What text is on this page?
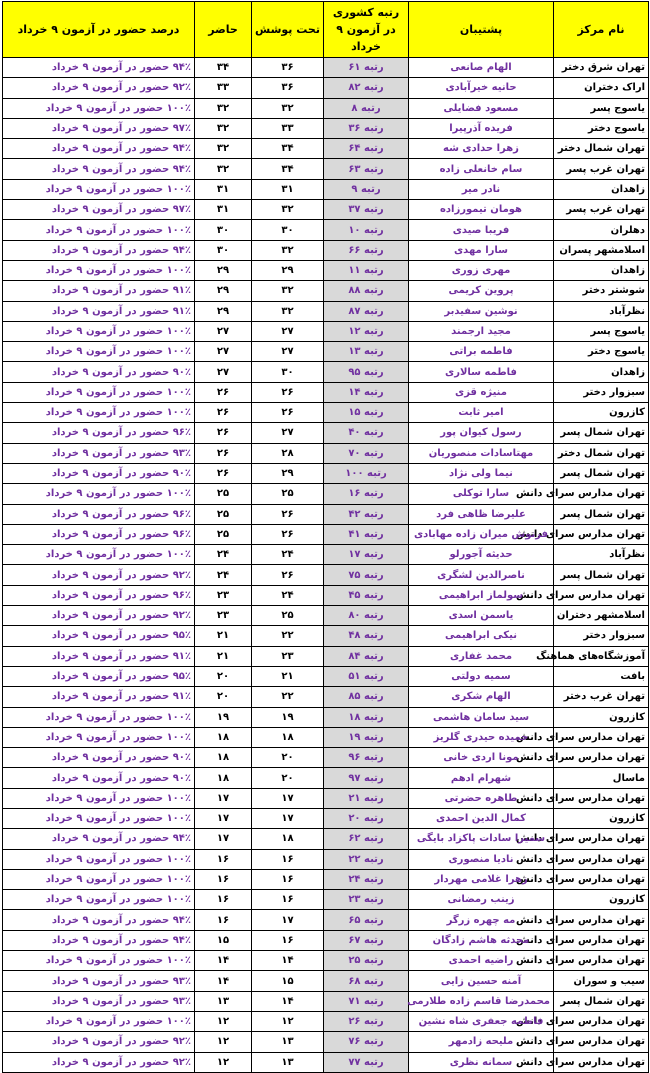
نام مرکز	پشتیبان	رتبه کشوری در آزمون ۹ خرداد	تحت پوشش	حاضر	درصد حضور در آزمون ۹ خرداد
تهران شرق دختر	الهام صانعی	رتبه ۶۱	۳۶	۳۴	۹۴٪ حضور در آزمون ۹ خرداد
اراک دختران	حانیه خیرآبادی	رتبه ۸۲	۳۶	۳۳	۹۲٪ حضور در آزمون ۹ خرداد
یاسوج پسر	مسعود فضایلی	رتبه ۸	۳۲	۳۲	۱۰۰٪ حضور در آزمون ۹ خرداد
یاسوج دختر	فریده آذرپیرا	رتبه ۳۶	۳۳	۳۲	۹۷٪ حضور در آزمون ۹ خرداد
تهران شمال دختر	زهرا حدادی شه	رتبه ۶۴	۳۴	۳۲	۹۴٪ حضور در آزمون ۹ خرداد
تهران غرب پسر	سام خانعلی زاده	رتبه ۶۳	۳۴	۳۲	۹۴٪ حضور در آزمون ۹ خرداد
زاهدان	نادر میر	رتبه ۹	۳۱	۳۱	۱۰۰٪ حضور در آزمون ۹ خرداد
تهران غرب پسر	هومان تیمورزاده	رتبه ۳۷	۳۲	۳۱	۹۷٪ حضور در آزمون ۹ خرداد
دهلران	فریبا صیدی	رتبه ۱۰	۳۰	۳۰	۱۰۰٪ حضور در آزمون ۹ خرداد
اسلامشهر پسران	سارا مهدی	رتبه ۶۶	۳۲	۳۰	۹۴٪ حضور در آزمون ۹ خرداد
زاهدان	مهری زوری	رتبه ۱۱	۲۹	۲۹	۱۰۰٪ حضور در آزمون ۹ خرداد
شوشتر دختر	پروین کریمی	رتبه ۸۸	۳۲	۲۹	۹۱٪ حضور در آزمون ۹ خرداد
نظرآباد	نوشین سفیدبر	رتبه ۸۷	۳۲	۲۹	۹۱٪ حضور در آزمون ۹ خرداد
یاسوج پسر	مجید ارجمند	رتبه ۱۲	۲۷	۲۷	۱۰۰٪ حضور در آزمون ۹ خرداد
یاسوج دختر	فاطمه براتی	رتبه ۱۳	۲۷	۲۷	۱۰۰٪ حضور در آزمون ۹ خرداد
زاهدان	فاطمه سالاری	رتبه ۹۵	۳۰	۲۷	۹۰٪ حضور در آزمون ۹ خرداد
سبزوار دختر	منیژه قزی	رتبه ۱۴	۲۶	۲۶	۱۰۰٪ حضور در آزمون ۹ خرداد
کازرون	امیر ثابت	رتبه ۱۵	۲۶	۲۶	۱۰۰٪ حضور در آزمون ۹ خرداد
تهران شمال پسر	رسول کیوان پور	رتبه ۴۰	۲۷	۲۶	۹۶٪ حضور در آزمون ۹ خرداد
تهران شمال دختر	مهتاسادات منصوریان	رتبه ۷۰	۲۸	۲۶	۹۳٪ حضور در آزمون ۹ خرداد
تهران شمال پسر	نیما ولی نژاد	رتبه ۱۰۰	۲۹	۲۶	۹۰٪ حضور در آزمون ۹ خرداد
تهران مدارس سرای دانش	سارا توکلی	رتبه ۱۶	۲۵	۲۵	۱۰۰٪ حضور در آزمون ۹ خرداد
تهران شمال پسر	علیرضا ظاهی فرد	رتبه ۴۲	۲۶	۲۵	۹۶٪ حضور در آزمون ۹ خرداد
تهران مدارس سرای دانش	فرنوش میران زاده مهابادی	رتبه ۴۱	۲۶	۲۵	۹۶٪ حضور در آزمون ۹ خرداد
نظرآباد	حدیثه آجورلو	رتبه ۱۷	۲۴	۲۴	۱۰۰٪ حضور در آزمون ۹ خرداد
تهران شمال پسر	ناصرالدین لشگری	رتبه ۷۵	۲۶	۲۴	۹۲٪ حضور در آزمون ۹ خرداد
تهران مدارس سرای دانش	سولماز ابراهیمی	رتبه ۴۵	۲۴	۲۳	۹۶٪ حضور در آزمون ۹ خرداد
اسلامشهر دختران	یاسمن اسدی	رتبه ۸۰	۲۵	۲۳	۹۲٪ حضور در آزمون ۹ خرداد
سبزوار دختر	نیکی ابراهیمی	رتبه ۴۸	۲۲	۲۱	۹۵٪ حضور در آزمون ۹ خرداد
آموزشگاه‌های هماهنگ	محمد غفاری	رتبه ۸۴	۲۳	۲۱	۹۱٪ حضور در آزمون ۹ خرداد
بافت	سمیه دولتی	رتبه ۵۱	۲۱	۲۰	۹۵٪ حضور در آزمون ۹ خرداد
تهران غرب دختر	الهام شکری	رتبه ۸۵	۲۲	۲۰	۹۱٪ حضور در آزمون ۹ خرداد
کازرون	سید سامان هاشمی	رتبه ۱۸	۱۹	۱۹	۱۰۰٪ حضور در آزمون ۹ خرداد
تهران مدارس سرای دانش	حمیده حیدری گلریز	رتبه ۱۹	۱۸	۱۸	۱۰۰٪ حضور در آزمون ۹ خرداد
تهران مدارس سرای دانش	مونا اردی خانی	رتبه ۹۶	۲۰	۱۸	۹۰٪ حضور در آزمون ۹ خرداد
ماسال	شهرام ادهم	رتبه ۹۷	۲۰	۱۸	۹۰٪ حضور در آزمون ۹ خرداد
تهران مدارس سرای دانش	طاهره حضرتی	رتبه ۲۱	۱۷	۱۷	۱۰۰٪ حضور در آزمون ۹ خرداد
کازرون	کمال الدین احمدی	رتبه ۲۰	۱۷	۱۷	۱۰۰٪ حضور در آزمون ۹ خرداد
تهران مدارس سرای دانش	سمیرا سادات پاکزاد بایگی	رتبه ۶۲	۱۸	۱۷	۹۴٪ حضور در آزمون ۹ خرداد
تهران مدارس سرای دانش	نادیا منصوری	رتبه ۲۲	۱۶	۱۶	۱۰۰٪ حضور در آزمون ۹ خرداد
تهران مدارس سرای دانش	زهرا غلامی مهردار	رتبه ۲۴	۱۶	۱۶	۱۰۰٪ حضور در آزمون ۹ خرداد
کازرون	زینب رمضانی	رتبه ۲۳	۱۶	۱۶	۱۰۰٪ حضور در آزمون ۹ خرداد
تهران مدارس سرای دانش	مه چهره زرگر	رتبه ۶۵	۱۷	۱۶	۹۴٪ حضور در آزمون ۹ خرداد
تهران مدارس سرای دانش	محدثه هاشم زادگان	رتبه ۶۷	۱۶	۱۵	۹۴٪ حضور در آزمون ۹ خرداد
تهران مدارس سرای دانش	راضیه احمدی	رتبه ۲۵	۱۴	۱۴	۱۰۰٪ حضور در آزمون ۹ خرداد
سیب و سوران	آمنه حسین زایی	رتبه ۶۸	۱۵	۱۴	۹۳٪ حضور در آزمون ۹ خرداد
تهران شمال پسر	محمدرضا قاسم زاده طلارمی	رتبه ۷۱	۱۴	۱۳	۹۳٪ حضور در آزمون ۹ خرداد
تهران مدارس سرای دانش	فاطمه جعفری شاه نشین	رتبه ۲۶	۱۲	۱۲	۱۰۰٪ حضور در آزمون ۹ خرداد
تهران مدارس سرای دانش	ملیحه زادمهر	رتبه ۷۶	۱۳	۱۲	۹۲٪ حضور در آزمون ۹ خرداد
تهران مدارس سرای دانش	سمانه نظری	رتبه ۷۷	۱۳	۱۲	۹۲٪ حضور در آزمون ۹ خرداد
